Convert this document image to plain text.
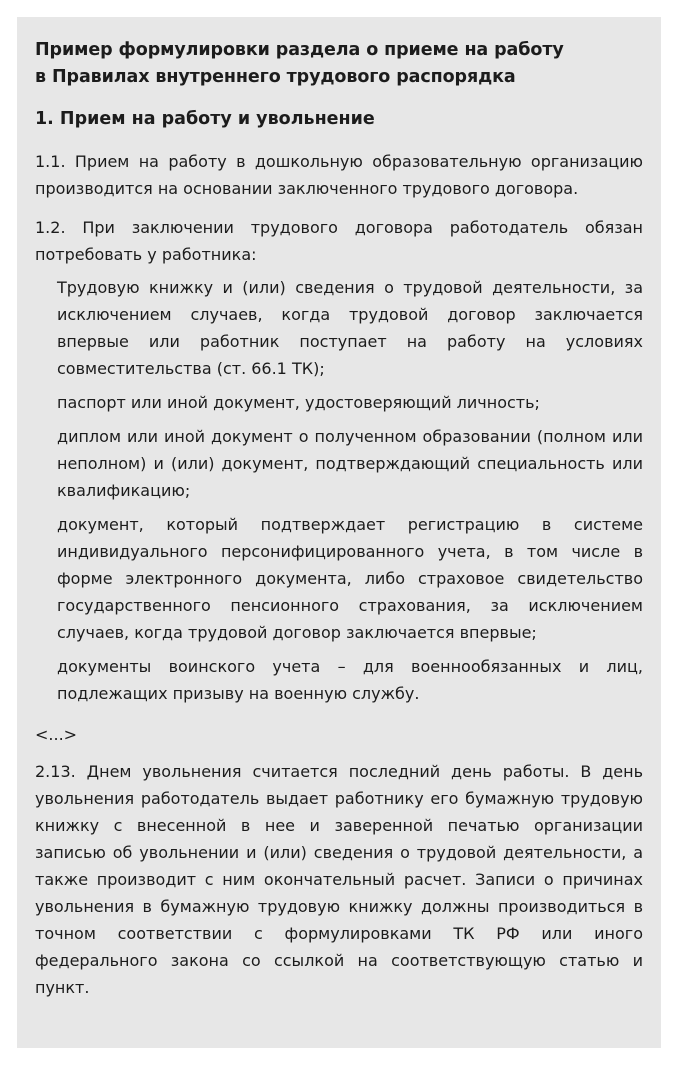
Пример формулировки раздела о приеме на работу
в Правилах внутреннего трудового распорядка
1. Прием на работу и увольнение

1.1. Прием на работу в дошкольную образовательную организацию производится на основании заключенного трудового договора.

1.2. При заключении трудового договора работодатель обязан потребовать у работника:

Трудовую книжку и (или) сведения о трудовой деятельности, за исключением случаев, когда трудовой договор заключается впервые или работник поступает на работу на условиях совместительства (ст. 66.1 ТК);
паспорт или иной документ, удостоверяющий личность;
диплом или иной документ о полученном образовании (полном или неполном) и (или) документ, подтверждающий специальность или квалификацию;
документ, который подтверждает регистрацию в системе индивидуального персонифицированного учета, в том числе в форме электронного документа, либо страховое свидетельство государственного пенсионного страхования, за исключением случаев, когда трудовой договор заключается впервые;
документы воинского учета – для военнообязанных и лиц, подлежащих призыву на военную службу.

<...>

2.13. Днем увольнения считается последний день работы. В день увольнения работодатель выдает работнику его бумажную трудовую книжку с внесенной в нее и заверенной печатью организации записью об увольнении и (или) сведения о трудовой деятельности, а также производит с ним окончательный расчет. Записи о причинах увольнения в бумажную трудовую книжку должны производиться в точном соответствии с формулировками ТК РФ или иного федерального закона со ссылкой на соответствующую статью и пункт.
